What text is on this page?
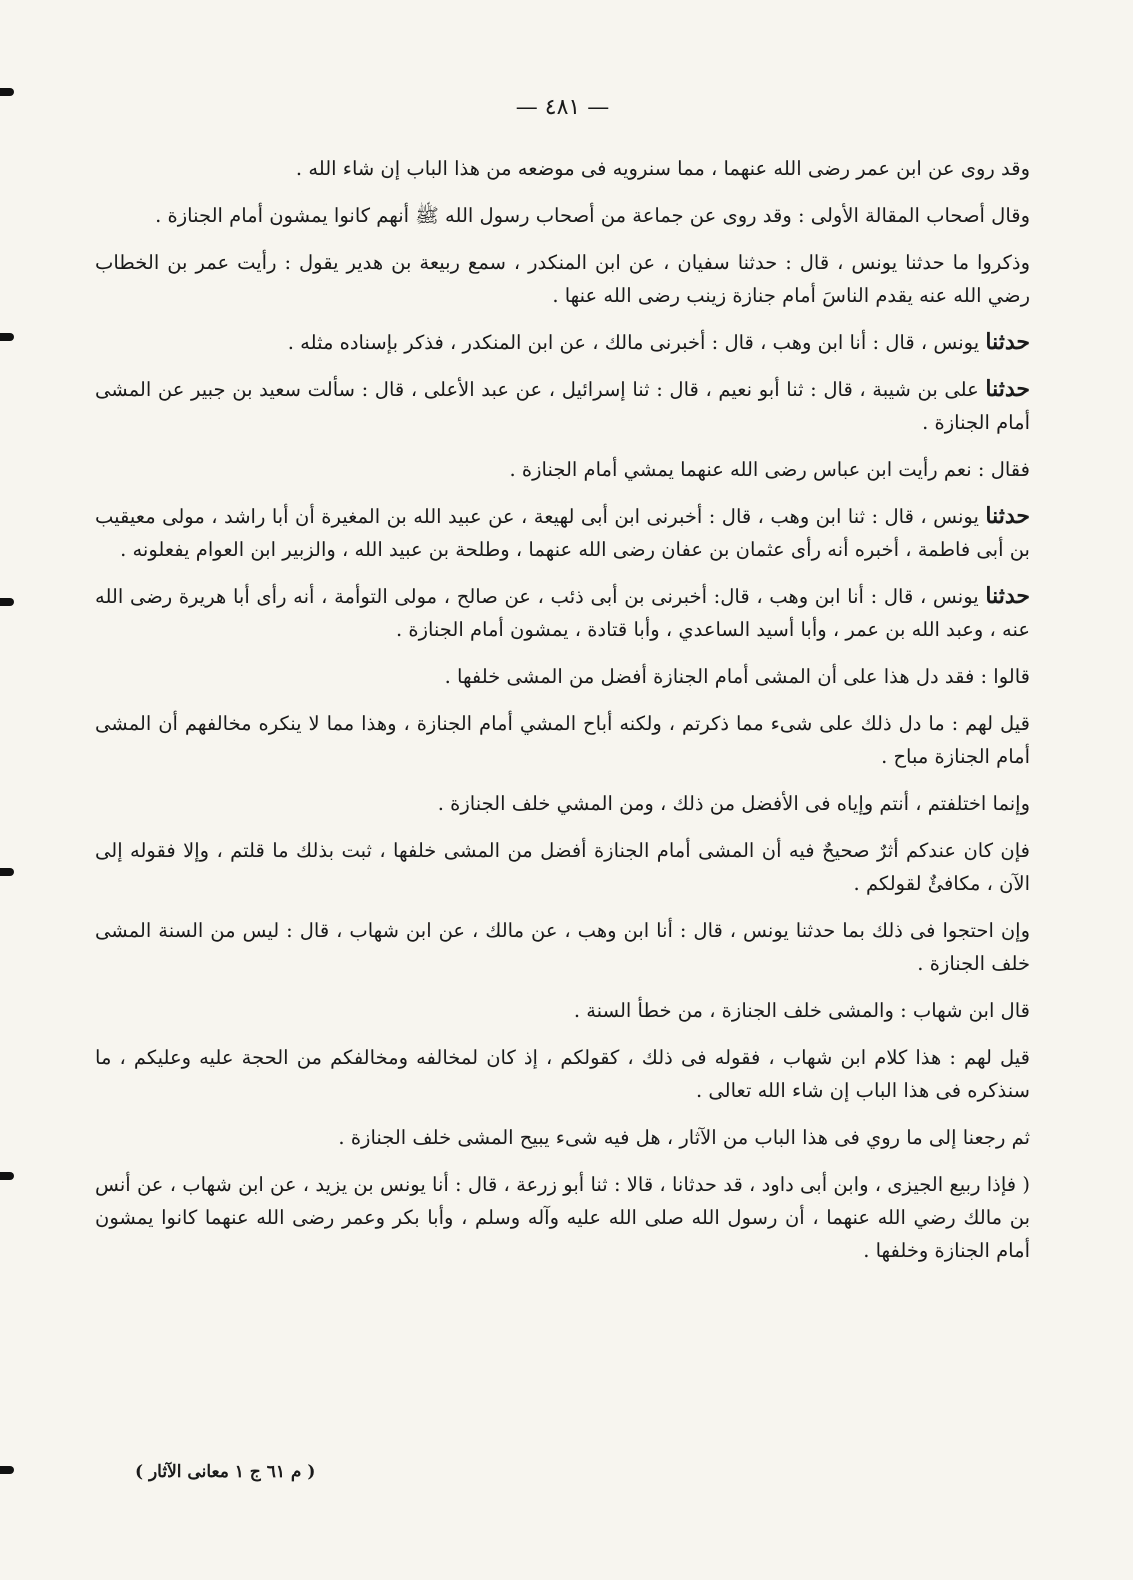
— ٤٨١ —

وقد روى عن ابن عمر رضى الله عنهما ، مما سنرويه فى موضعه من هذا الباب إن شاء الله .

وقال أصحاب المقالة الأولى : وقد روى عن جماعة من أصحاب رسول الله ﷺ أنهم كانوا يمشون أمام الجنازة .

وذكروا ما حدثنا يونس ، قال : حدثنا سفيان ، عن ابن المنكدر ، سمع ربيعة بن هدير يقول : رأيت عمر بن الخطاب رضي الله عنه يقدم الناسَ أمام جنازة زينب رضى الله عنها .

حدثنا يونس ، قال : أنا ابن وهب ، قال : أخبرنى مالك ، عن ابن المنكدر ، فذكر بإسناده مثله .

حدثنا على بن شيبة ، قال : ثنا أبو نعيم ، قال : ثنا إسرائيل ، عن عبد الأعلى ، قال : سألت سعيد بن جبير عن المشى أمام الجنازة .

فقال : نعم رأيت ابن عباس رضى الله عنهما يمشي أمام الجنازة .

حدثنا يونس ، قال : ثنا ابن وهب ، قال : أخبرنى ابن أبى لهيعة ، عن عبيد الله بن المغيرة أن أبا راشد ، مولى معيقيب بن أبى فاطمة ، أخبره أنه رأى عثمان بن عفان رضى الله عنهما ، وطلحة بن عبيد الله ، والزبير ابن العوام يفعلونه .

حدثنا يونس ، قال : أنا ابن وهب ، قال: أخبرنى بن أبى ذئب ، عن صالح ، مولى التوأمة ، أنه رأى أبا هريرة رضى الله عنه ، وعبد الله بن عمر ، وأبا أسيد الساعدي ، وأبا قتادة ، يمشون أمام الجنازة .

قالوا : فقد دل هذا على أن المشى أمام الجنازة أفضل من المشى خلفها .

قيل لهم : ما دل ذلك على شىء مما ذكرتم ، ولكنه أباح المشي أمام الجنازة ، وهذا مما لا ينكره مخالفهم أن المشى أمام الجنازة مباح .

وإنما اختلفتم ، أنتم وإياه فى الأفضل من ذلك ، ومن المشي خلف الجنازة .

فإن كان عندكم أثرٌ صحيحٌ فيه أن المشى أمام الجنازة أفضل من المشى خلفها ، ثبت بذلك ما قلتم ، وإلا فقوله إلى الآن ، مكافئٌ لقولكم .

وإن احتجوا فى ذلك بما حدثنا يونس ، قال : أنا ابن وهب ، عن مالك ، عن ابن شهاب ، قال : ليس من السنة المشى خلف الجنازة .

قال ابن شهاب : والمشى خلف الجنازة ، من خطأ السنة .

قيل لهم : هذا كلام ابن شهاب ، فقوله فى ذلك ، كقولكم ، إذ كان لمخالفه ومخالفكم من الحجة عليه وعليكم ، ما سنذكره فى هذا الباب إن شاء الله تعالى .

ثم رجعنا إلى ما روي فى هذا الباب من الآثار ، هل فيه شىء يبيح المشى خلف الجنازة .

( فإذا ربيع الجيزى ، وابن أبى داود ، قد حدثانا ، قالا : ثنا أبو زرعة ، قال : أنا يونس بن يزيد ، عن ابن شهاب ، عن أنس بن مالك رضي الله عنهما ، أن رسول الله صلى الله عليه وآله وسلم ، وأبا بكر وعمر رضى الله عنهما كانوا يمشون أمام الجنازة وخلفها .

( م ٦١ ج ١ معانى الآثار )
